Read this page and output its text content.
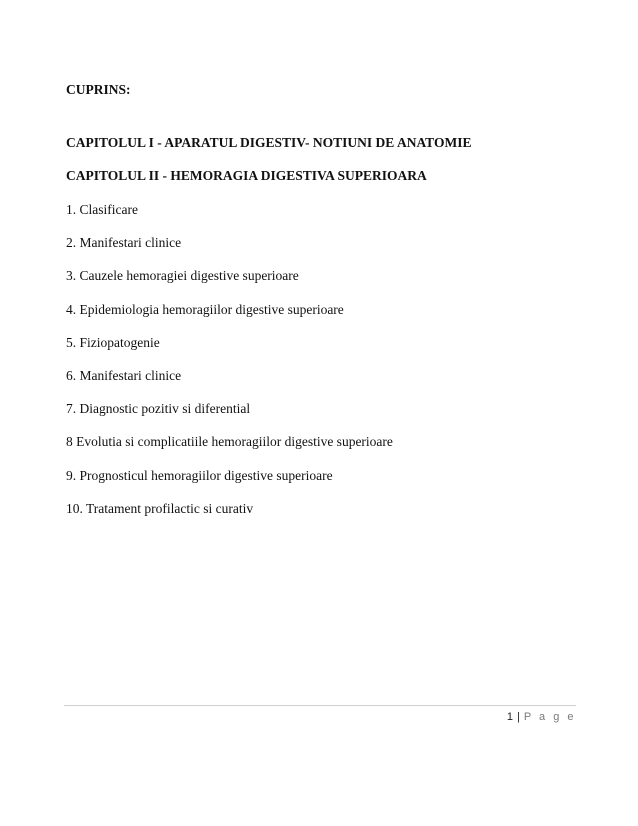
CUPRINS:
CAPITOLUL I - APARATUL DIGESTIV- NOTIUNI DE ANATOMIE
CAPITOLUL II - HEMORAGIA DIGESTIVA SUPERIOARA
1. Clasificare
2. Manifestari clinice
3. Cauzele hemoragiei digestive superioare
4. Epidemiologia hemoragiilor digestive superioare
5. Fiziopatogenie
6. Manifestari clinice
7. Diagnostic pozitiv si diferential
8 Evolutia si complicatiile hemoragiilor digestive superioare
9. Prognosticul hemoragiilor digestive superioare
10. Tratament profilactic si curativ
1 | P a g e
